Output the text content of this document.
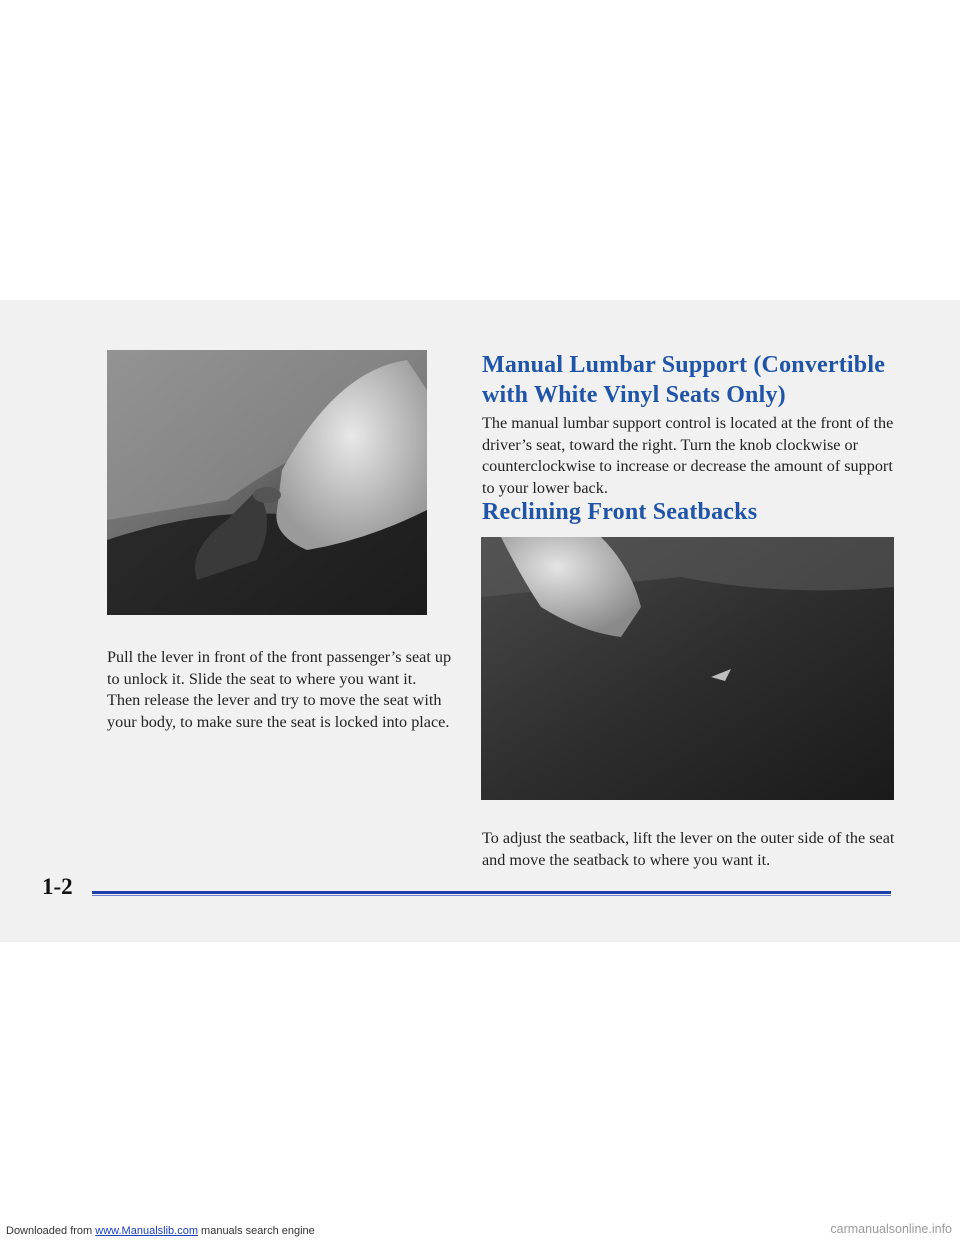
Manual Lumbar Support (Convertible with White Vinyl Seats Only)

The manual lumbar support control is located at the front of the driver’s seat, toward the right. Turn the knob clockwise or counterclockwise to increase or decrease the amount of support to your lower back.

Reclining Front Seatbacks

Pull the lever in front of the front passenger’s seat up to unlock it. Slide the seat to where you want it. Then release the lever and try to move the seat with your body, to make sure the seat is locked into place.

To adjust the seatback, lift the lever on the outer side of the seat and move the seatback to where you want it.

1-2

Downloaded from www.Manualslib.com manuals search engine	carmanualsonline.info
